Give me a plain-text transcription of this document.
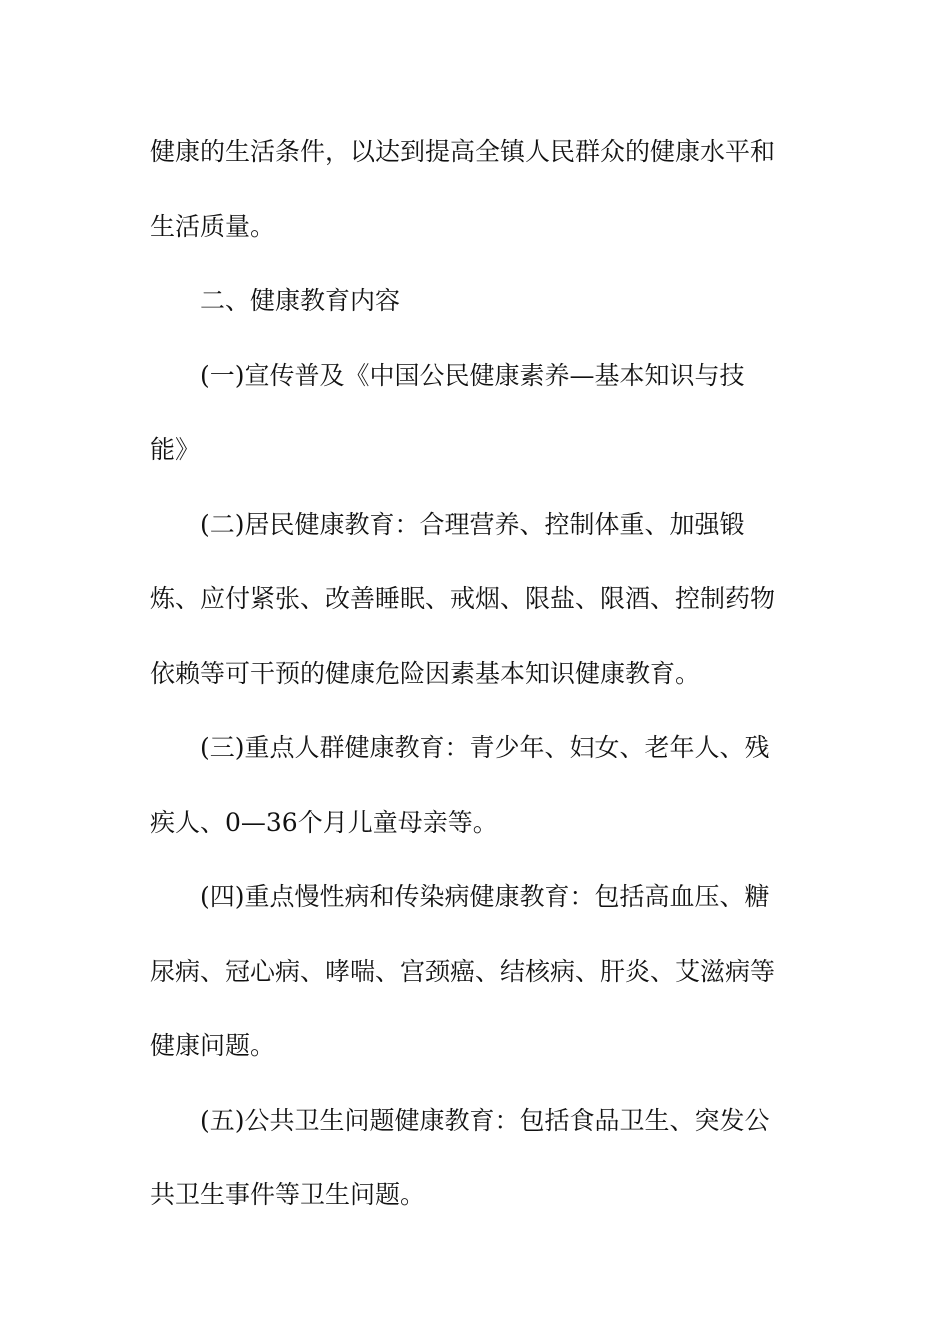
健康的生活条件，以达到提高全镇人民群众的健康水平和
生活质量。
二、健康教育内容
(一)宣传普及《中国公民健康素养—基本知识与技
能》
(二)居民健康教育：合理营养、控制体重、加强锻
炼、应付紧张、改善睡眠、戒烟、限盐、限酒、控制药物
依赖等可干预的健康危险因素基本知识健康教育。
(三)重点人群健康教育：青少年、妇女、老年人、残
疾人、0—36个月儿童母亲等。
(四)重点慢性病和传染病健康教育：包括高血压、糖
尿病、冠心病、哮喘、宫颈癌、结核病、肝炎、艾滋病等
健康问题。
(五)公共卫生问题健康教育：包括食品卫生、突发公
共卫生事件等卫生问题。
